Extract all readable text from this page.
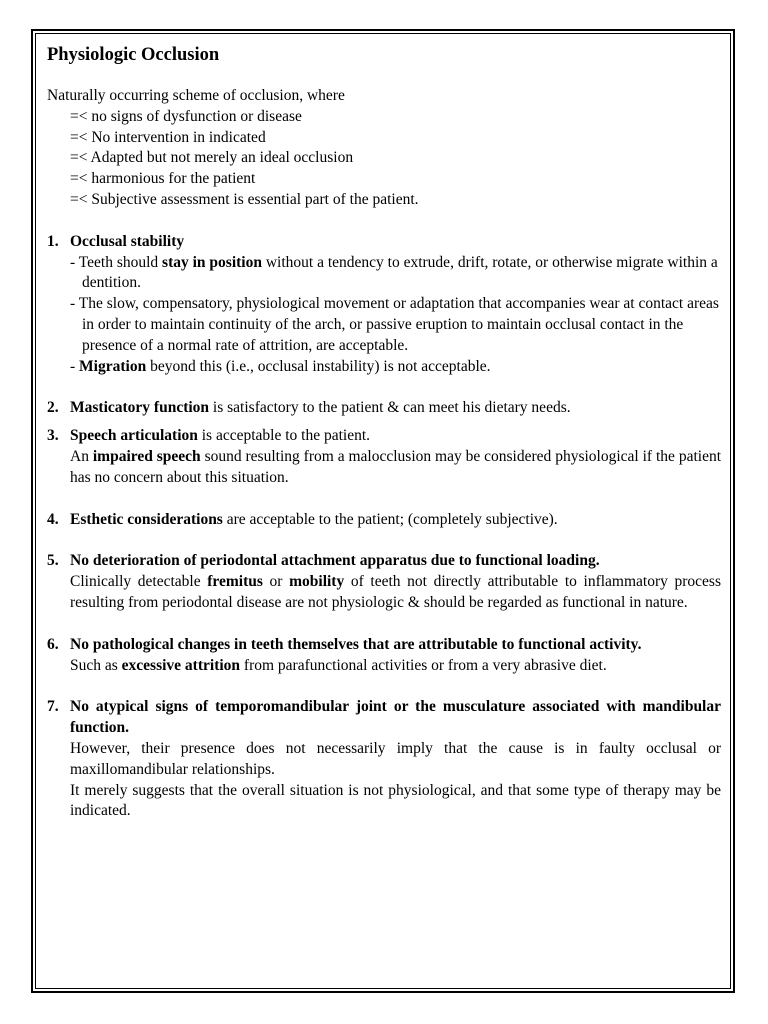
Physiologic Occlusion

Naturally occurring scheme of occlusion, where

=< no signs of dysfunction or disease

=< No intervention in indicated

=< Adapted but not merely an ideal occlusion

=< harmonious for the patient

=< Subjective assessment is essential part of the patient.

1. Occlusal stability

- Teeth should stay in position without a tendency to extrude, drift, rotate, or otherwise migrate within a dentition.

- The slow, compensatory, physiological movement or adaptation that accompanies wear at contact areas in order to maintain continuity of the arch, or passive eruption to maintain occlusal contact in the presence of a normal rate of attrition, are acceptable.

- Migration beyond this (i.e., occlusal instability) is not acceptable.

2. Masticatory function is satisfactory to the patient & can meet his dietary needs.

3. Speech articulation is acceptable to the patient.

An impaired speech sound resulting from a malocclusion may be considered physiological if the patient has no concern about this situation.

4. Esthetic considerations are acceptable to the patient; (completely subjective).

5. No deterioration of periodontal attachment apparatus due to functional loading.

Clinically detectable fremitus or mobility of teeth not directly attributable to inflammatory process resulting from periodontal disease are not physiologic & should be regarded as functional in nature.

6. No pathological changes in teeth themselves that are attributable to functional activity.

Such as excessive attrition from parafunctional activities or from a very abrasive diet.

7. No atypical signs of temporomandibular joint or the musculature associated with mandibular function.

However, their presence does not necessarily imply that the cause is in faulty occlusal or maxillomandibular relationships.

It merely suggests that the overall situation is not physiological, and that some type of therapy may be indicated.
